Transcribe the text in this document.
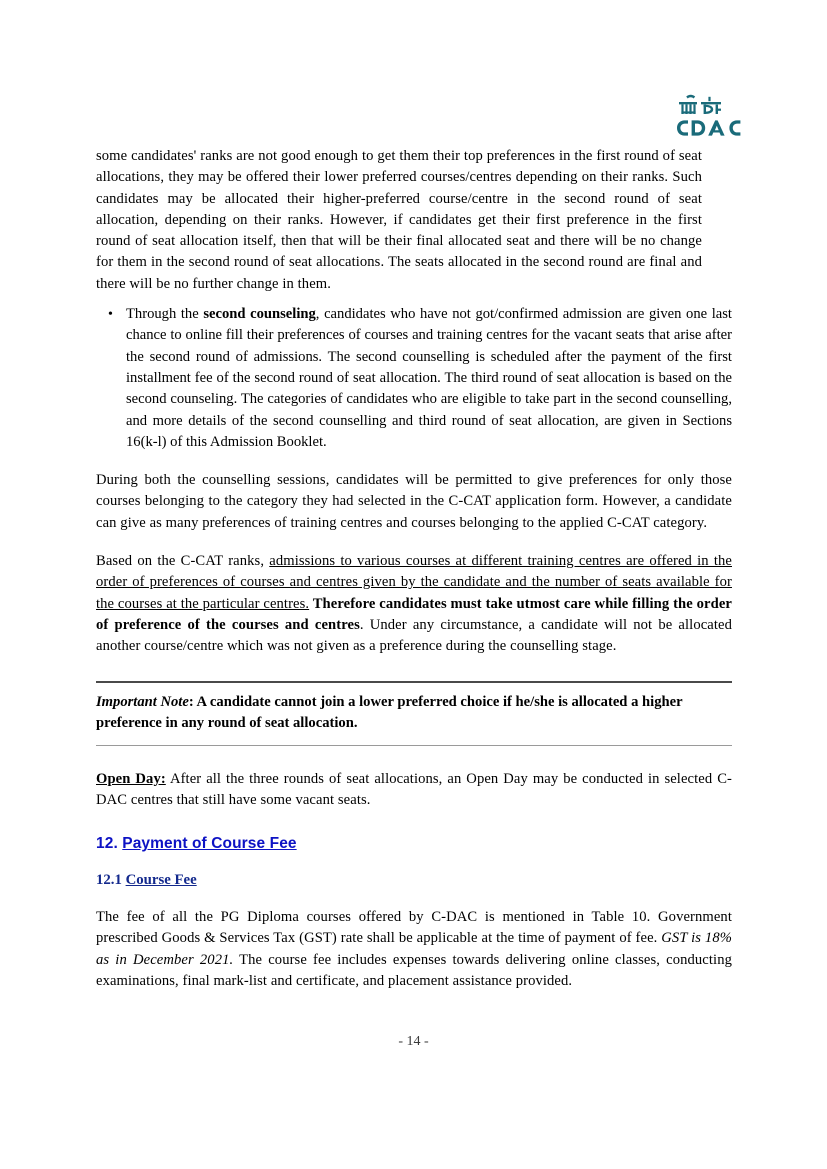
some candidates' ranks are not good enough to get them their top preferences in the first round of seat allocations, they may be offered their lower preferred courses/centres depending on their ranks. Such candidates may be allocated their higher-preferred course/centre in the second round of seat allocation, depending on their ranks. However, if candidates get their first preference in the first round of seat allocation itself, then that will be their final allocated seat and there will be no change for them in the second round of seat allocations. The seats allocated in the second round are final and there will be no further change in them.

• Through the second counseling, candidates who have not got/confirmed admission are given one last chance to online fill their preferences of courses and training centres for the vacant seats that arise after the second round of admissions. The second counselling is scheduled after the payment of the first installment fee of the second round of seat allocation. The third round of seat allocation is based on the second counseling. The categories of candidates who are eligible to take part in the second counselling, and more details of the second counselling and third round of seat allocation, are given in Sections 16(k-l) of this Admission Booklet.

During both the counselling sessions, candidates will be permitted to give preferences for only those courses belonging to the category they had selected in the C-CAT application form. However, a candidate can give as many preferences of training centres and courses belonging to the applied C-CAT category.

Based on the C-CAT ranks, admissions to various courses at different training centres are offered in the order of preferences of courses and centres given by the candidate and the number of seats available for the courses at the particular centres. Therefore candidates must take utmost care while filling the order of preference of the courses and centres. Under any circumstance, a candidate will not be allocated another course/centre which was not given as a preference during the counselling stage.

Important Note: A candidate cannot join a lower preferred choice if he/she is allocated a higher preference in any round of seat allocation.

Open Day: After all the three rounds of seat allocations, an Open Day may be conducted in selected C-DAC centres that still have some vacant seats.

12. Payment of Course Fee
12.1 Course Fee

The fee of all the PG Diploma courses offered by C-DAC is mentioned in Table 10. Government prescribed Goods & Services Tax (GST) rate shall be applicable at the time of payment of fee. GST is 18% as in December 2021. The course fee includes expenses towards delivering online classes, conducting examinations, final mark-list and certificate, and placement assistance provided.

- 14 -
